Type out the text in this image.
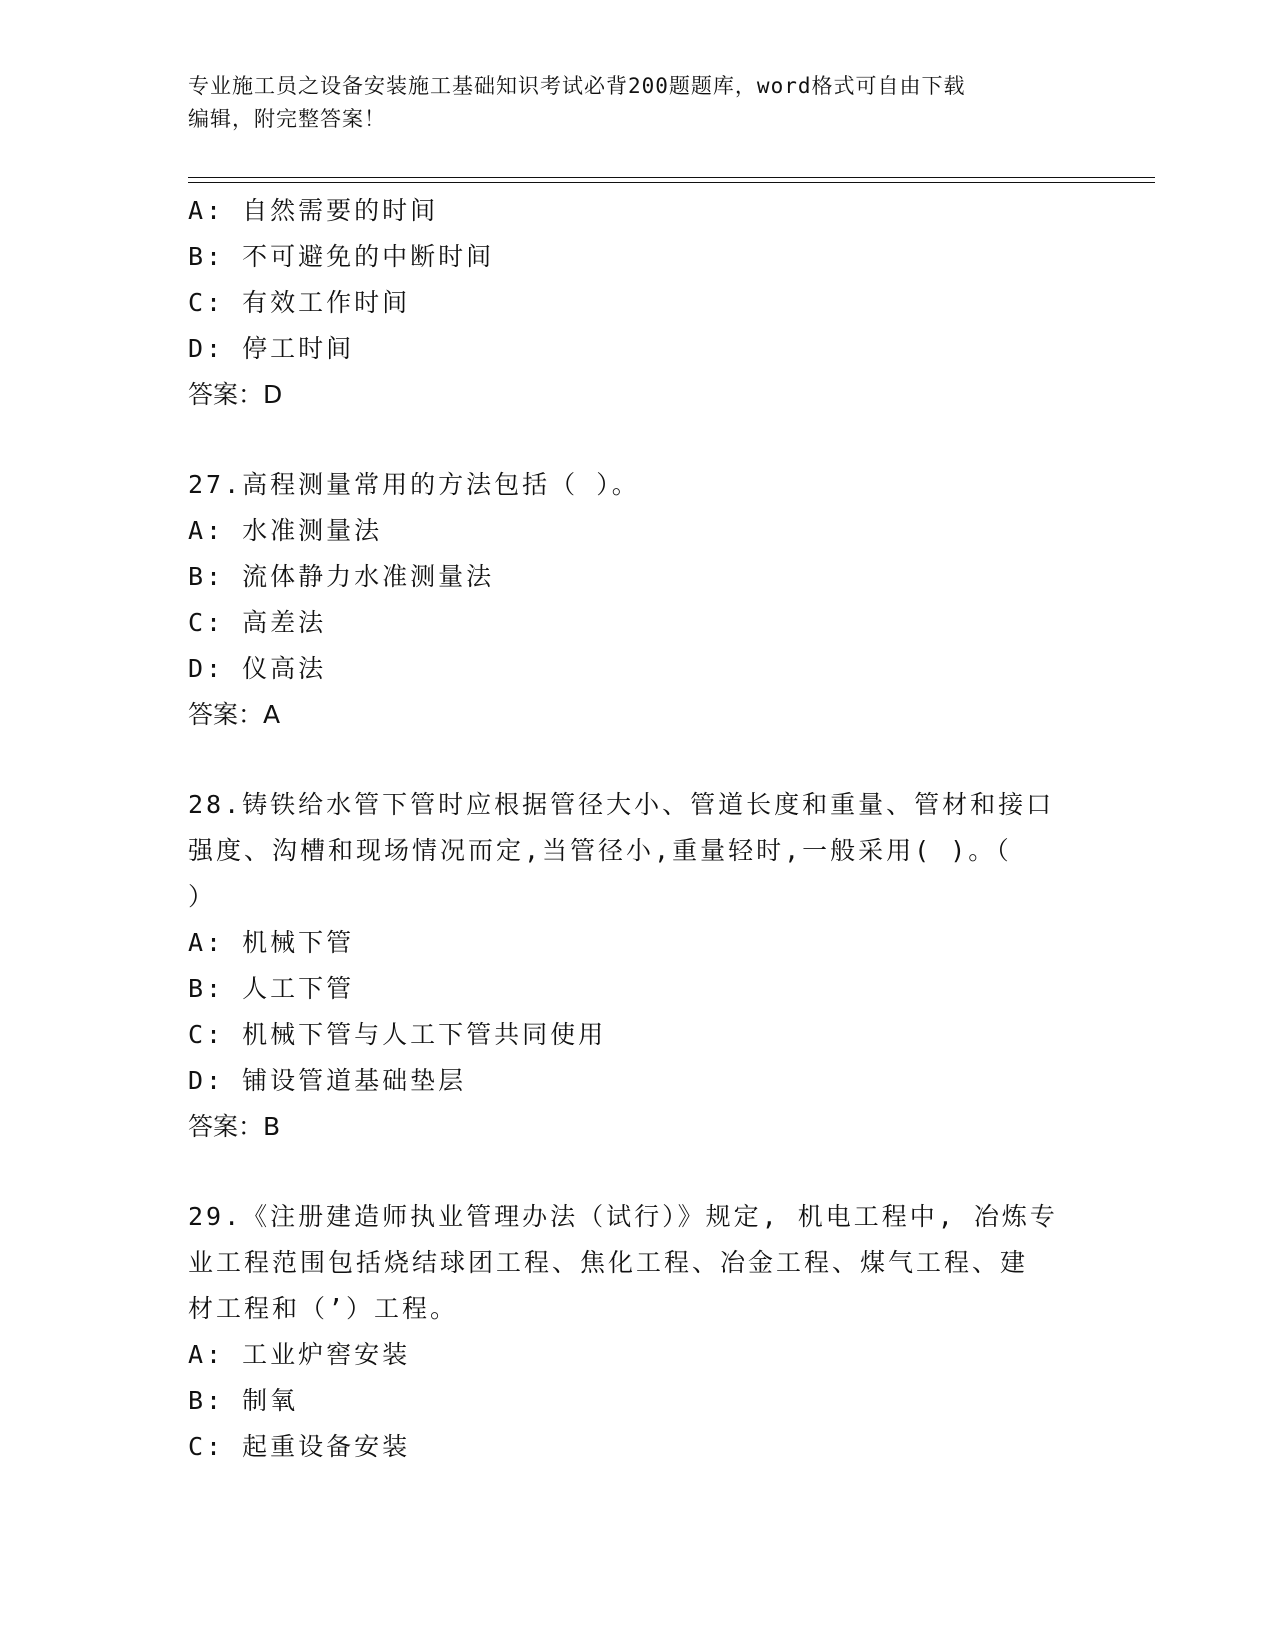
专业施工员之设备安装施工基础知识考试必背200题题库，word格式可自由下载
编辑，附完整答案！
A: 自然需要的时间
B: 不可避免的中断时间
C: 有效工作时间
D: 停工时间
答案：D
27.高程测量常用的方法包括（ ）。
A: 水准测量法
B: 流体静力水准测量法
C: 高差法
D: 仪高法
答案：A
28.铸铁给水管下管时应根据管径大小、管道长度和重量、管材和接口
强度、沟槽和现场情况而定,当管径小,重量轻时,一般采用( )。（
）
A: 机械下管
B: 人工下管
C: 机械下管与人工下管共同使用
D: 铺设管道基础垫层
答案：B
29.《注册建造师执业管理办法（试行）》规定, 机电工程中, 冶炼专
业工程范围包括烧结球团工程、焦化工程、冶金工程、煤气工程、建
材工程和（’）工程。
A: 工业炉窖安装
B: 制氧
C: 起重设备安装
